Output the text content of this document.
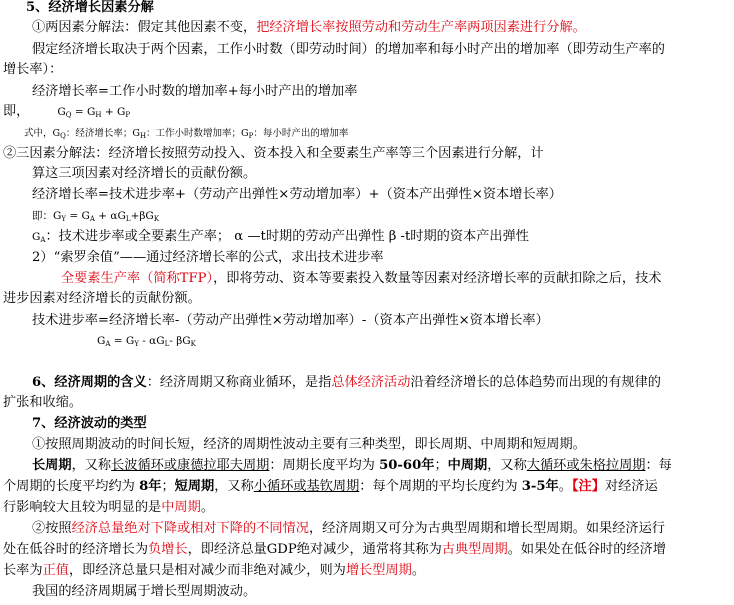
5、经济增长因素分解
①两因素分解法：假定其他因素不变，把经济增长率按照劳动和劳动生产率两项因素进行分解。
假定经济增长取决于两个因素，工作小时数（即劳动时间）的增加率和每小时产出的增加率（即劳动生产率的
增长率）：
经济增长率=工作小时数的增加率+每小时产出的增加率
即，	$G_Q = G_H + G_P$
式中，$G_Q$：经济增长率；$G_H$：工作小时数增加率；$G_P$：每小时产出的增加率
②三因素分解法：经济增长按照劳动投入、资本投入和全要素生产率等三个因素进行分解，计
算这三项因素对经济增长的贡献份额。
经济增长率=技术进步率+（劳动产出弹性×劳动增加率）+（资本产出弹性×资本增长率）
即：$G_Y = G_A + \alpha G_L+\beta G_K$
$G_A$：技术进步率或全要素生产率； α —t时期的劳动产出弹性 β -t时期的资本产出弹性
2）“索罗余值”——通过经济增长率的公式，求出技术进步率
全要素生产率（简称TFP），即将劳动、资本等要素投入数量等因素对经济增长率的贡献扣除之后，技术
进步因素对经济增长的贡献份额。
技术进步率=经济增长率-（劳动产出弹性×劳动增加率）-（资本产出弹性×资本增长率）
$G_A = G_Y - \alpha G_L-$ $\beta G_K$
6、经济周期的含义：经济周期又称商业循环，是指总体经济活动沿着经济增长的总体趋势而出现的有规律的
扩张和收缩。
7、经济波动的类型
①按照周期波动的时间长短，经济的周期性波动主要有三种类型，即长周期、中周期和短周期。
长周期，又称长波循环或康德拉耶夫周期：周期长度平均为 50-60年；中周期，又称大循环或朱格拉周期：每
个周期的长度平均约为 8年；短周期，又称小循环或基钦周期：每个周期的平均长度约为 3-5年。【注】对经济运
行影响较大且较为明显的是中周期。
②按照经济总量绝对下降或相对下降的不同情况，经济周期又可分为古典型周期和增长型周期。如果经济运行
处在低谷时的经济增长为负增长，即经济总量GDP绝对减少，通常将其称为古典型周期。如果处在低谷时的经济增
长率为正值，即经济总量只是相对减少而非绝对减少，则为增长型周期。
我国的经济周期属于增长型周期波动。
